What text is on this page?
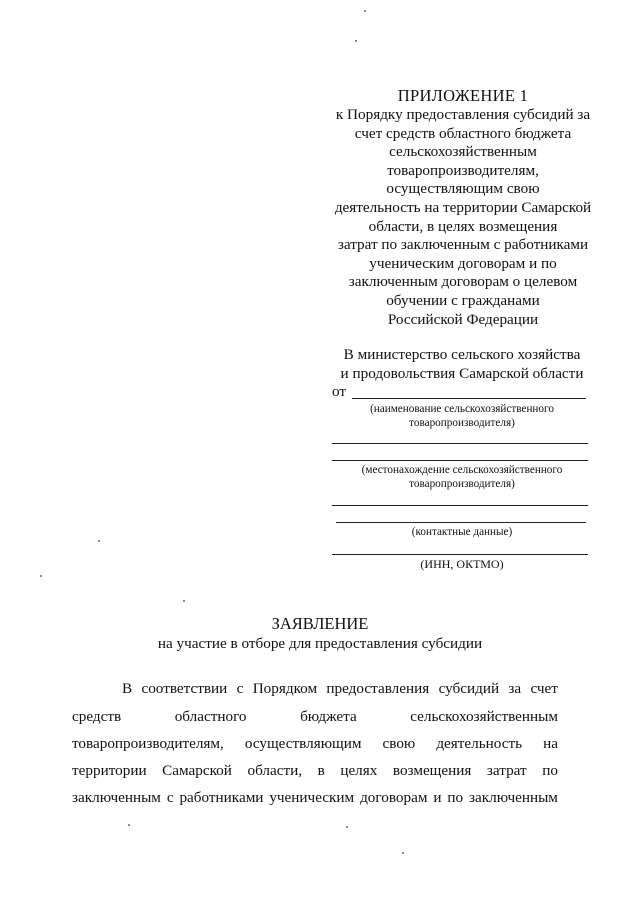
ПРИЛОЖЕНИЕ 1
к Порядку предоставления субсидий за
счет средств областного бюджета
сельскохозяйственным
товаропроизводителям,
осуществляющим свою
деятельность на территории Самарской
области, в целях возмещения
затрат по заключенным с работниками
ученическим договорам и по
заключенным договорам о целевом
обучении с гражданами
Российской Федерации
В министерство сельского хозяйства
и продовольствия Самарской области
от
(наименование сельскохозяйственного
товаропроизводителя)
(местонахождение сельскохозяйственного
товаропроизводителя)
(контактные данные)
(ИНН, ОКТМО)
ЗАЯВЛЕНИЕ
на участие в отборе для предоставления субсидии
В соответствии с Порядком предоставления субсидий за счет
средств	областного	бюджета	сельскохозяйственным
товаропроизводителям, осуществляющим свою деятельность на
территории Самарской области, в целях возмещения затрат по
заключенным с работниками ученическим договорам и по заключенным
